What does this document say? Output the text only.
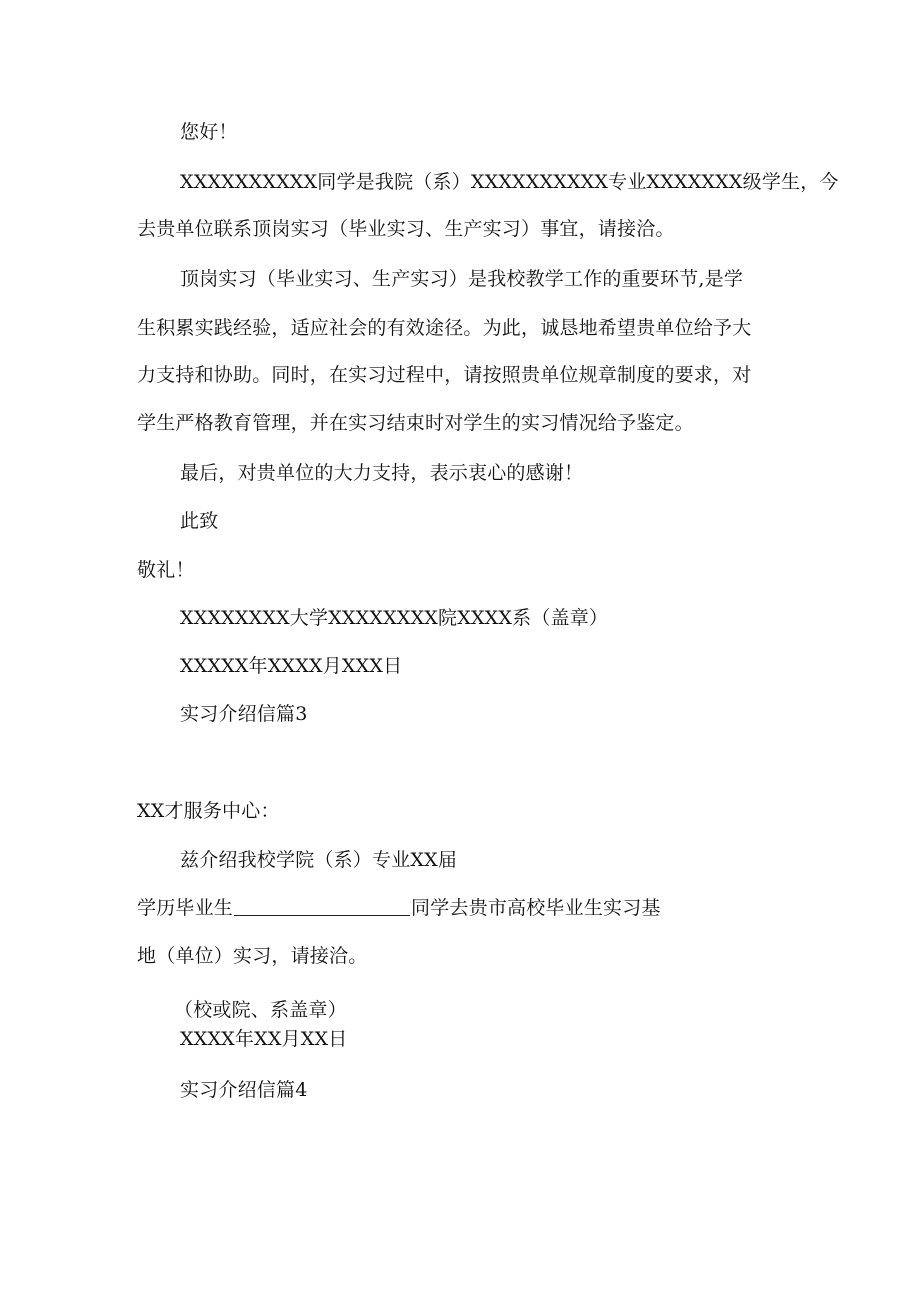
您好！
XXXXXXXXXX同学是我院（系）XXXXXXXXXX专业XXXXXXX级学生，今
去贵单位联系顶岗实习（毕业实习、生产实习）事宜，请接洽。
顶岗实习（毕业实习、生产实习）是我校教学工作的重要环节,是学
生积累实践经验，适应社会的有效途径。为此，诚恳地希望贵单位给予大
力支持和协助。同时，在实习过程中，请按照贵单位规章制度的要求，对
学生严格教育管理，并在实习结束时对学生的实习情况给予鉴定。
最后，对贵单位的大力支持，表示衷心的感谢！
此致
敬礼！
XXXXXXXX大学XXXXXXXX院XXXX系（盖章）
XXXXX年XXXX月XXX日
实习介绍信篇3
XX才服务中心：
兹介绍我校学院（系）专业XX届
学历毕业生	同学去贵市高校毕业生实习基
地（单位）实习，请接洽。
（校或院、系盖章）
XXXX年XX月XX日
实习介绍信篇4
